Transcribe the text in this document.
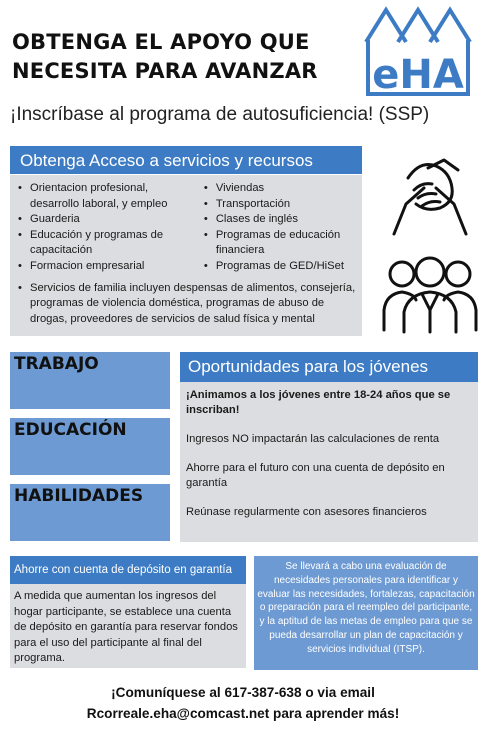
OBTENGA EL APOYO QUE
NECESITA PARA AVANZAR eHA
¡Inscríbase al programa de autosuficiencia! (SSP)
Obtenga Acceso a servicios y recursos
• Orientacion profesional, desarrollo laboral, y empleo
• Guarderia
• Educación y programas de capacitación
• Formacion empresarial
• Viviendas
• Transportación
• Clases de inglés
• Programas de educación financiera
• Programas de GED/HiSet
• Servicios de familia incluyen despensas de alimentos, consejería, programas de violencia doméstica, programas de abuso de drogas, proveedores de servicios de salud física y mental
TRABAJO
EDUCACIÓN
HABILIDADES
Oportunidades para los jóvenes

¡Animamos a los jóvenes entre 18-24 años que se inscriban!

Ingresos NO impactarán las calculaciones de renta

Ahorre para el futuro con una cuenta de depósito en garantía

Reúnase regularmente con asesores financieros

Ahorre con cuenta de depósito en garantía
A medida que aumentan los ingresos del hogar participante, se establece una cuenta de depósito en garantía para reservar fondos para el uso del participante al final del programa.
Se llevará a cabo una evaluación de necesidades personales para identificar y evaluar las necesidades, fortalezas, capacitación o preparación para el reempleo del participante, y la aptitud de las metas de empleo para que se pueda desarrollar un plan de capacitación y servicios individual (ITSP).
¡Comuníquese al 617-387-638 o via email
Rcorreale.eha@comcast.net para aprender más!
